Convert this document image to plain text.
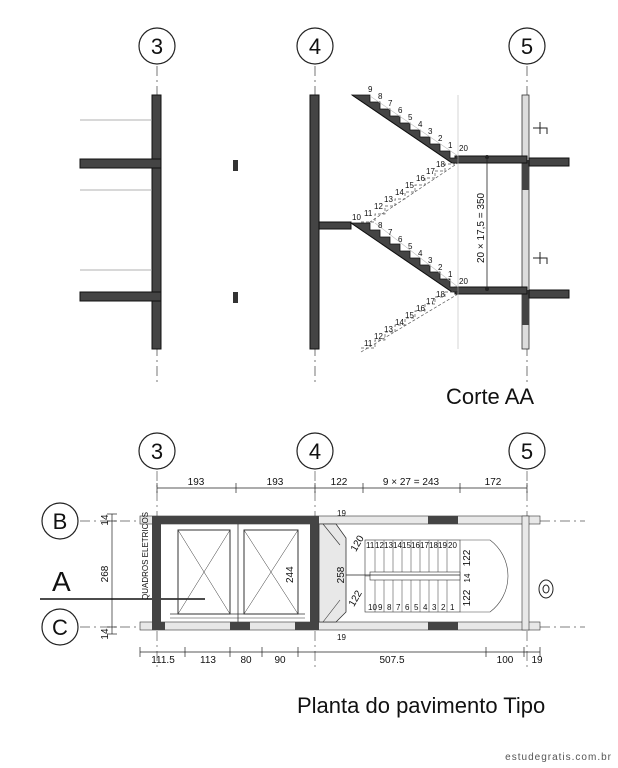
3	4	5
9
8
7
6
5
4
3
2
1 20
18
17
16
15
14
13
12
11
10
8
7
6
5
4
3
2
1
20
18
17
16
15
14
13
12
11
20 × 17,5 = 350
Corte AA
3	4	5
B
C
193	193	122	9 × 27 = 243	172
14
268
14
A	QUADROS ELETRICOS	244
19
19
11 12 13 14 15 16 17 18 19 20
10 9 8 7 6 5 4 3 2 1
122
14
122
258
120
122
111.5	113 80 90	507.5	100 19
Planta do pavimento Tipo
estudegratis.com.br
